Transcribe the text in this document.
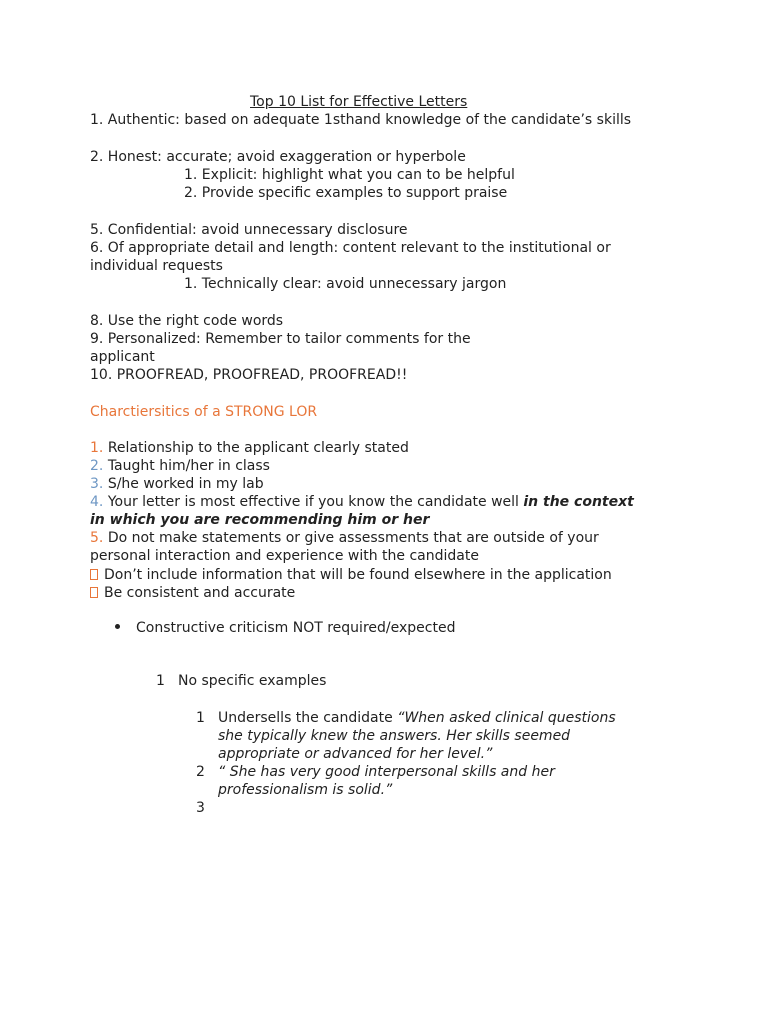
Top 10 List for Effective Letters
1. Authentic: based on adequate 1sthand knowledge of the candidate’s skills
2. Honest: accurate; avoid exaggeration or hyperbole
1. Explicit: highlight what you can to be helpful
2. Provide specific examples to support praise
5. Confidential: avoid unnecessary disclosure
6. Of appropriate detail and length: content relevant to the institutional or
individual requests
1. Technically clear: avoid unnecessary jargon
8. Use the right code words
9. Personalized: Remember to tailor comments for the
applicant
10. PROOFREAD, PROOFREAD, PROOFREAD!!
Charctiersitics of a STRONG LOR
1. Relationship to the applicant clearly stated
2. Taught him/her in class
3. S/he worked in my lab
4. Your letter is most effective if you know the candidate well in the context
in which you are recommending him or her
5. Do not make statements or give assessments that are outside of your
personal interaction and experience with the candidate
Don’t include information that will be found elsewhere in the application
Be consistent and accurate
Constructive criticism NOT required/expected
1 No specific examples
1 Undersells the candidate “When asked clinical questions
she typically knew the answers. Her skills seemed
appropriate or advanced for her level.”
2 “ She has very good interpersonal skills and her
professionalism is solid.”
3
